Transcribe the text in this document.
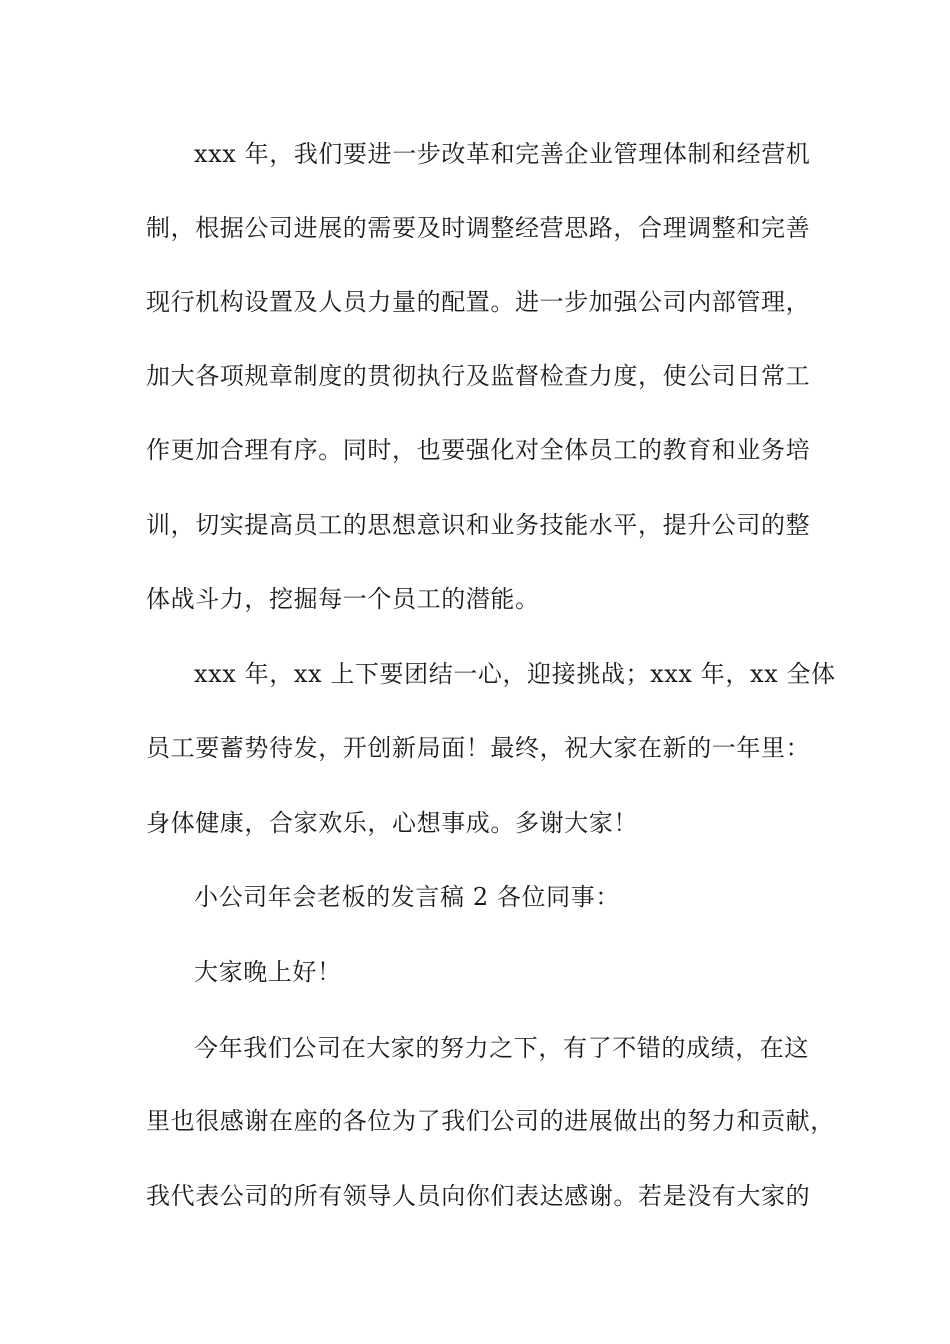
xxx 年，我们要进一步改革和完善企业管理体制和经营机
制，根据公司进展的需要及时调整经营思路，合理调整和完善
现行机构设置及人员力量的配置。进一步加强公司内部管理，
加大各项规章制度的贯彻执行及监督检查力度，使公司日常工
作更加合理有序。同时，也要强化对全体员工的教育和业务培
训，切实提高员工的思想意识和业务技能水平，提升公司的整
体战斗力，挖掘每一个员工的潜能。
xxx 年，xx 上下要团结一心，迎接挑战；xxx 年，xx 全体
员工要蓄势待发，开创新局面！最终，祝大家在新的一年里：
身体健康，合家欢乐，心想事成。多谢大家！
小公司年会老板的发言稿 2 各位同事：
大家晚上好！
今年我们公司在大家的努力之下，有了不错的成绩，在这
里也很感谢在座的各位为了我们公司的进展做出的努力和贡献，
我代表公司的所有领导人员向你们表达感谢。若是没有大家的
